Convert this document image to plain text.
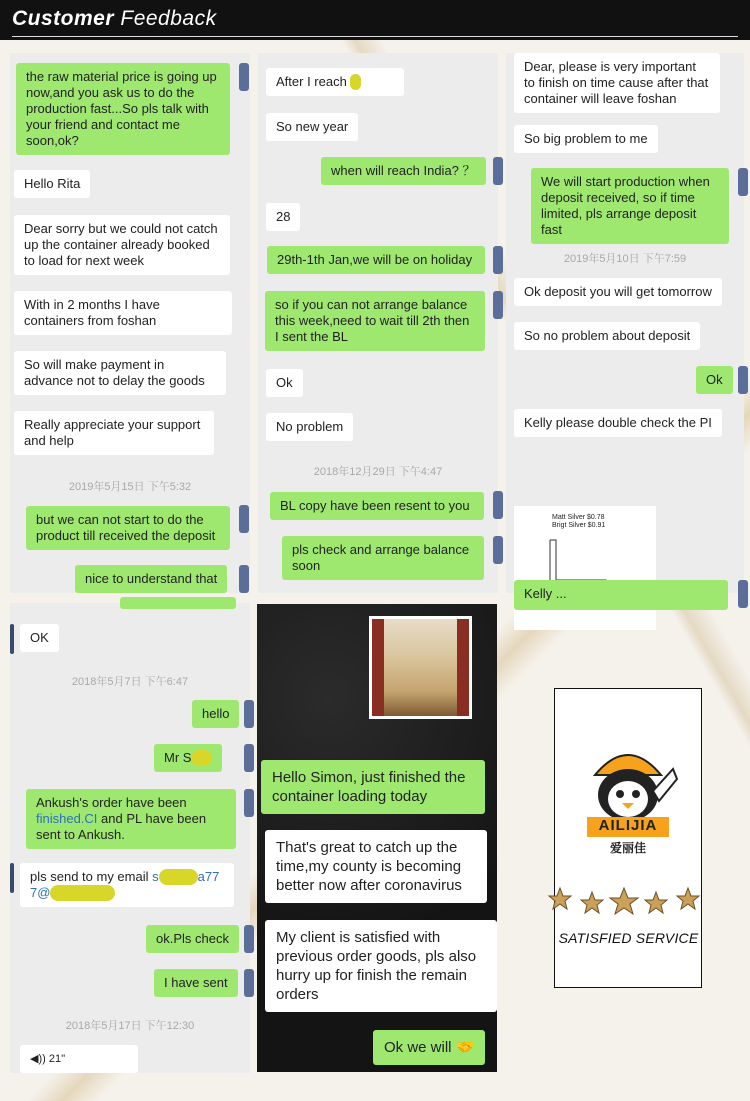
Customer Feedback
the raw material price is going up now,and you ask us to do the production fast...So pls talk with your friend and contact me soon,ok?
Hello Rita
Dear sorry but we could not catch up the container already booked to load for next week
With in 2 months I have containers from foshan
So will make payment in advance not to delay the goods
Really appreciate your support and help
2019年5月15日 下午5:32
but we can not start to do the product till received the deposit
nice to understand that
After I reach
So new year
when will reach India? ？
28
29th-1th Jan,we will be on holiday
so if you can not arrange balance this week,need to wait till 2th then I sent the BL
Ok
No problem
2018年12月29日 下午4:47
BL copy have been resent to you
pls check and arrange balance soon
Dear, please is very important to finish on time cause after that container will leave foshan
So big problem to me
We will start production when deposit received, so if time limited, pls arrange deposit fast
2019年5月10日 下午7:59
Ok deposit you will get tomorrow
So no problem about deposit
Ok
Kelly please double check the PI
Matt Silver $0.78
Brigt Silver $0.91
Kelly ...
OK
2018年5月7日 下午6:47
hello
Mr S
Ankush's order have been finished.CI and PL have been sent to Ankush.
pls send to my email s	a77
7@
ok.Pls check
I have sent
2018年5月17日 下午12:30
◀)) 21''
Hello Simon, just finished the container loading today
That's great to catch up the time,my county is becoming better now after coronavirus
My client is satisfied with previous order goods, pls also hurry up for finish the remain orders
Ok we will 🤝
AILIJIA
爱丽佳
SATISFIED SERVICE
